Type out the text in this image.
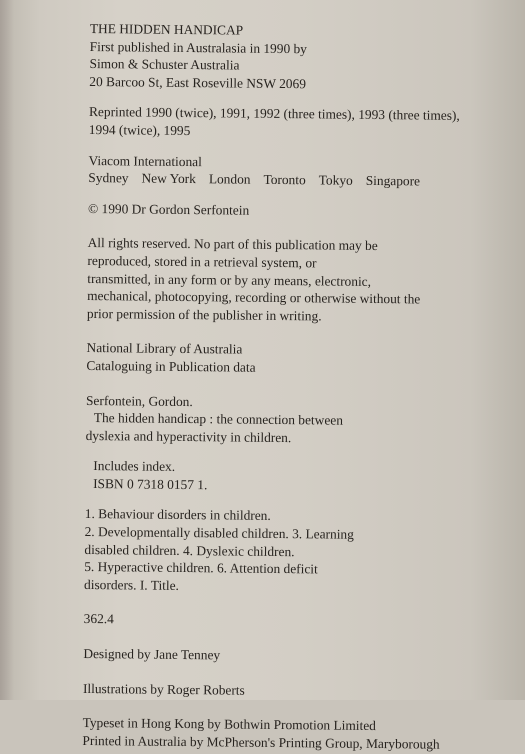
THE HIDDEN HANDICAP
First published in Australasia in 1990 by
Simon & Schuster Australia
20 Barcoo St, East Roseville NSW 2069
Reprinted 1990 (twice), 1991, 1992 (three times), 1993 (three times),
1994 (twice), 1995
Viacom International
Sydney New York London Toronto Tokyo Singapore
© 1990 Dr Gordon Serfontein
All rights reserved. No part of this publication may be
reproduced, stored in a retrieval system, or
transmitted, in any form or by any means, electronic,
mechanical, photocopying, recording or otherwise without the
prior permission of the publisher in writing.
National Library of Australia
Cataloguing in Publication data
Serfontein, Gordon.
The hidden handicap : the connection between
dyslexia and hyperactivity in children.
Includes index.
ISBN 0 7318 0157 1.
1. Behaviour disorders in children.
2. Developmentally disabled children. 3. Learning
disabled children. 4. Dyslexic children.
5. Hyperactive children. 6. Attention deficit
disorders. I. Title.
362.4
Designed by Jane Tenney
Illustrations by Roger Roberts
Typeset in Hong Kong by Bothwin Promotion Limited
Printed in Australia by McPherson's Printing Group, Maryborough
